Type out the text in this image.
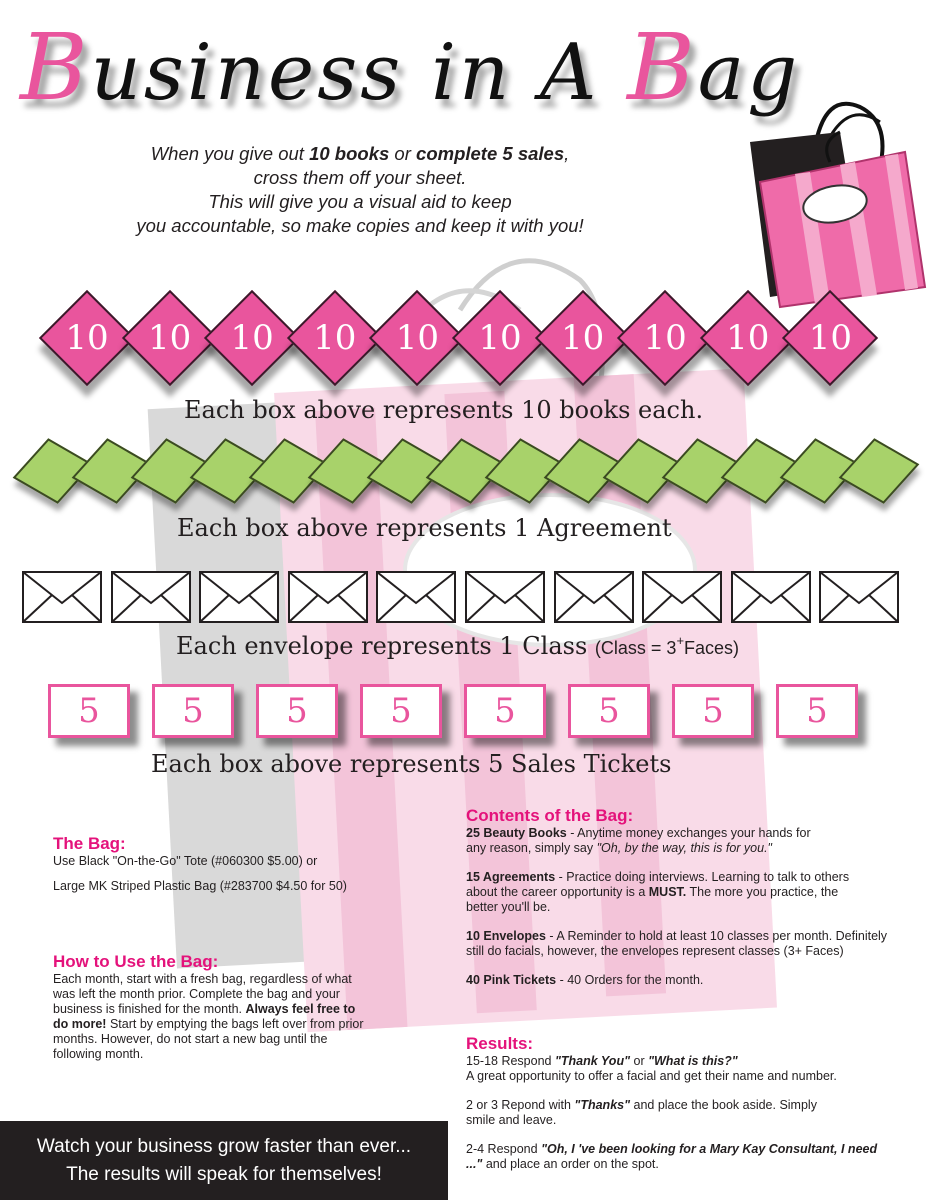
Business in A Bag
When you give out 10 books or complete 5 sales,
cross them off your sheet.
This will give you a visual aid to keep
you accountable, so make copies and keep it with you!
10	10	10	10	10	10	10	10	10	10
Each box above represents 10 books each.
Each box above represents 1 Agreement
Each envelope represents 1 Class (Class = 3+Faces)
5	5	5	5	5	5	5	5
Each box above represents 5 Sales Tickets
The Bag:
Use Black "On-the-Go" Tote (#060300 $5.00) or
Large MK Striped Plastic Bag (#283700 $4.50 for 50)
How to Use the Bag:
Each month, start with a fresh bag, regardless of what was left the month prior. Complete the bag and your business is finished for the month. Always feel free to do more! Start by emptying the bags left over from prior months. However, do not start a new bag until the following month.
Contents of the Bag:
25 Beauty Books - Anytime money exchanges your hands for any reason, simply say "Oh, by the way, this is for you."
15 Agreements - Practice doing interviews. Learning to talk to others about the career opportunity is a MUST. The more you practice, the better you'll be.
10 Envelopes - A Reminder to hold at least 10 classes per month. Definitely still do facials, however, the envelopes represent classes (3+ Faces)
40 Pink Tickets - 40 Orders for the month.
Results:
15-18 Respond "Thank You" or "What is this?"
A great opportunity to offer a facial and get their name and number.
2 or 3 Repond with "Thanks" and place the book aside. Simply smile and leave.
2-4 Respond "Oh, I 've been looking for a Mary Kay Consultant, I need ..." and place an order on the spot.
Watch your business grow faster than ever...
The results will speak for themselves!
